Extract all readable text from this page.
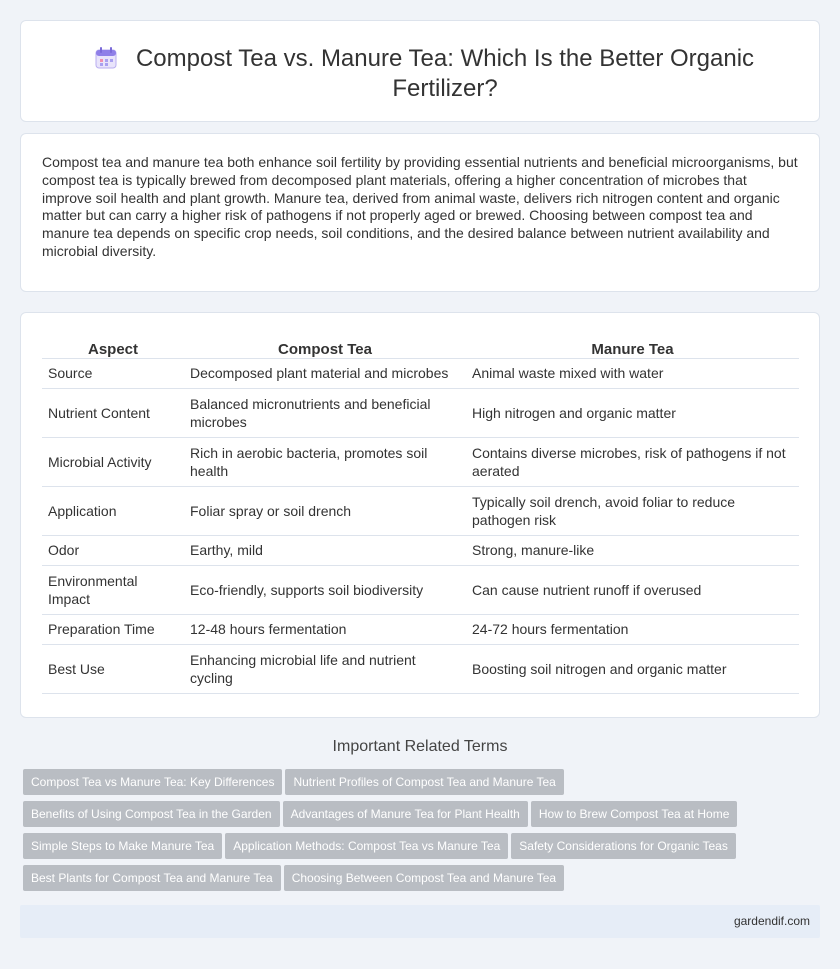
Compost Tea vs. Manure Tea: Which Is the Better Organic Fertilizer?

Compost tea and manure tea both enhance soil fertility by providing essential nutrients and beneficial microorganisms, but compost tea is typically brewed from decomposed plant materials, offering a higher concentration of microbes that improve soil health and plant growth. Manure tea, derived from animal waste, delivers rich nitrogen content and organic matter but can carry a higher risk of pathogens if not properly aged or brewed. Choosing between compost tea and manure tea depends on specific crop needs, soil conditions, and the desired balance between nutrient availability and microbial diversity.

Aspect	Compost Tea	Manure Tea
Source	Decomposed plant material and microbes	Animal waste mixed with water
Nutrient Content	Balanced micronutrients and beneficial microbes	High nitrogen and organic matter
Microbial Activity	Rich in aerobic bacteria, promotes soil health	Contains diverse microbes, risk of pathogens if not aerated
Application	Foliar spray or soil drench	Typically soil drench, avoid foliar to reduce pathogen risk
Odor	Earthy, mild	Strong, manure-like
Environmental Impact	Eco-friendly, supports soil biodiversity	Can cause nutrient runoff if overused
Preparation Time	12-48 hours fermentation	24-72 hours fermentation
Best Use	Enhancing microbial life and nutrient cycling	Boosting soil nitrogen and organic matter
Important Related Terms
Compost Tea vs Manure Tea: Key Differences Nutrient Profiles of Compost Tea and Manure Tea
Benefits of Using Compost Tea in the Garden Advantages of Manure Tea for Plant Health How to Brew Compost Tea at Home
Simple Steps to Make Manure Tea Application Methods: Compost Tea vs Manure Tea Safety Considerations for Organic Teas
Best Plants for Compost Tea and Manure Tea Choosing Between Compost Tea and Manure Tea
gardendif.com
